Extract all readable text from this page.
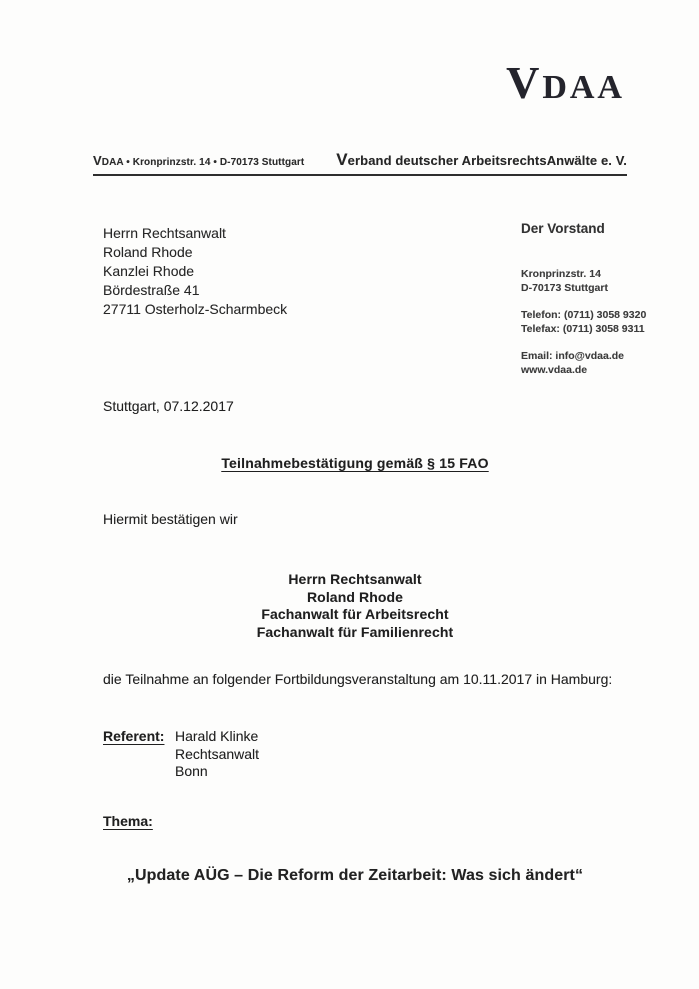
VDAA
VDAA • Kronprinzstr. 14 • D-70173 Stuttgart Verband deutscher ArbeitsrechtsAnwälte e. V.
Herrn Rechtsanwalt
Roland Rhode
Kanzlei Rhode
Bördestraße 41
27711 Osterholz-Scharmbeck
Der Vorstand
Kronprinzstr. 14
D-70173 Stuttgart
Telefon: (0711) 3058 9320
Telefax: (0711) 3058 9311
Email: info@vdaa.de
www.vdaa.de
Stuttgart, 07.12.2017
Teilnahmebestätigung gemäß § 15 FAO
Hiermit bestätigen wir
Herrn Rechtsanwalt
Roland Rhode
Fachanwalt für Arbeitsrecht
Fachanwalt für Familienrecht
die Teilnahme an folgender Fortbildungsveranstaltung am 10.11.2017 in Hamburg:
Referent: Harald Klinke
Rechtsanwalt
Bonn
Thema:
„Update AÜG – Die Reform der Zeitarbeit: Was sich ändert“
